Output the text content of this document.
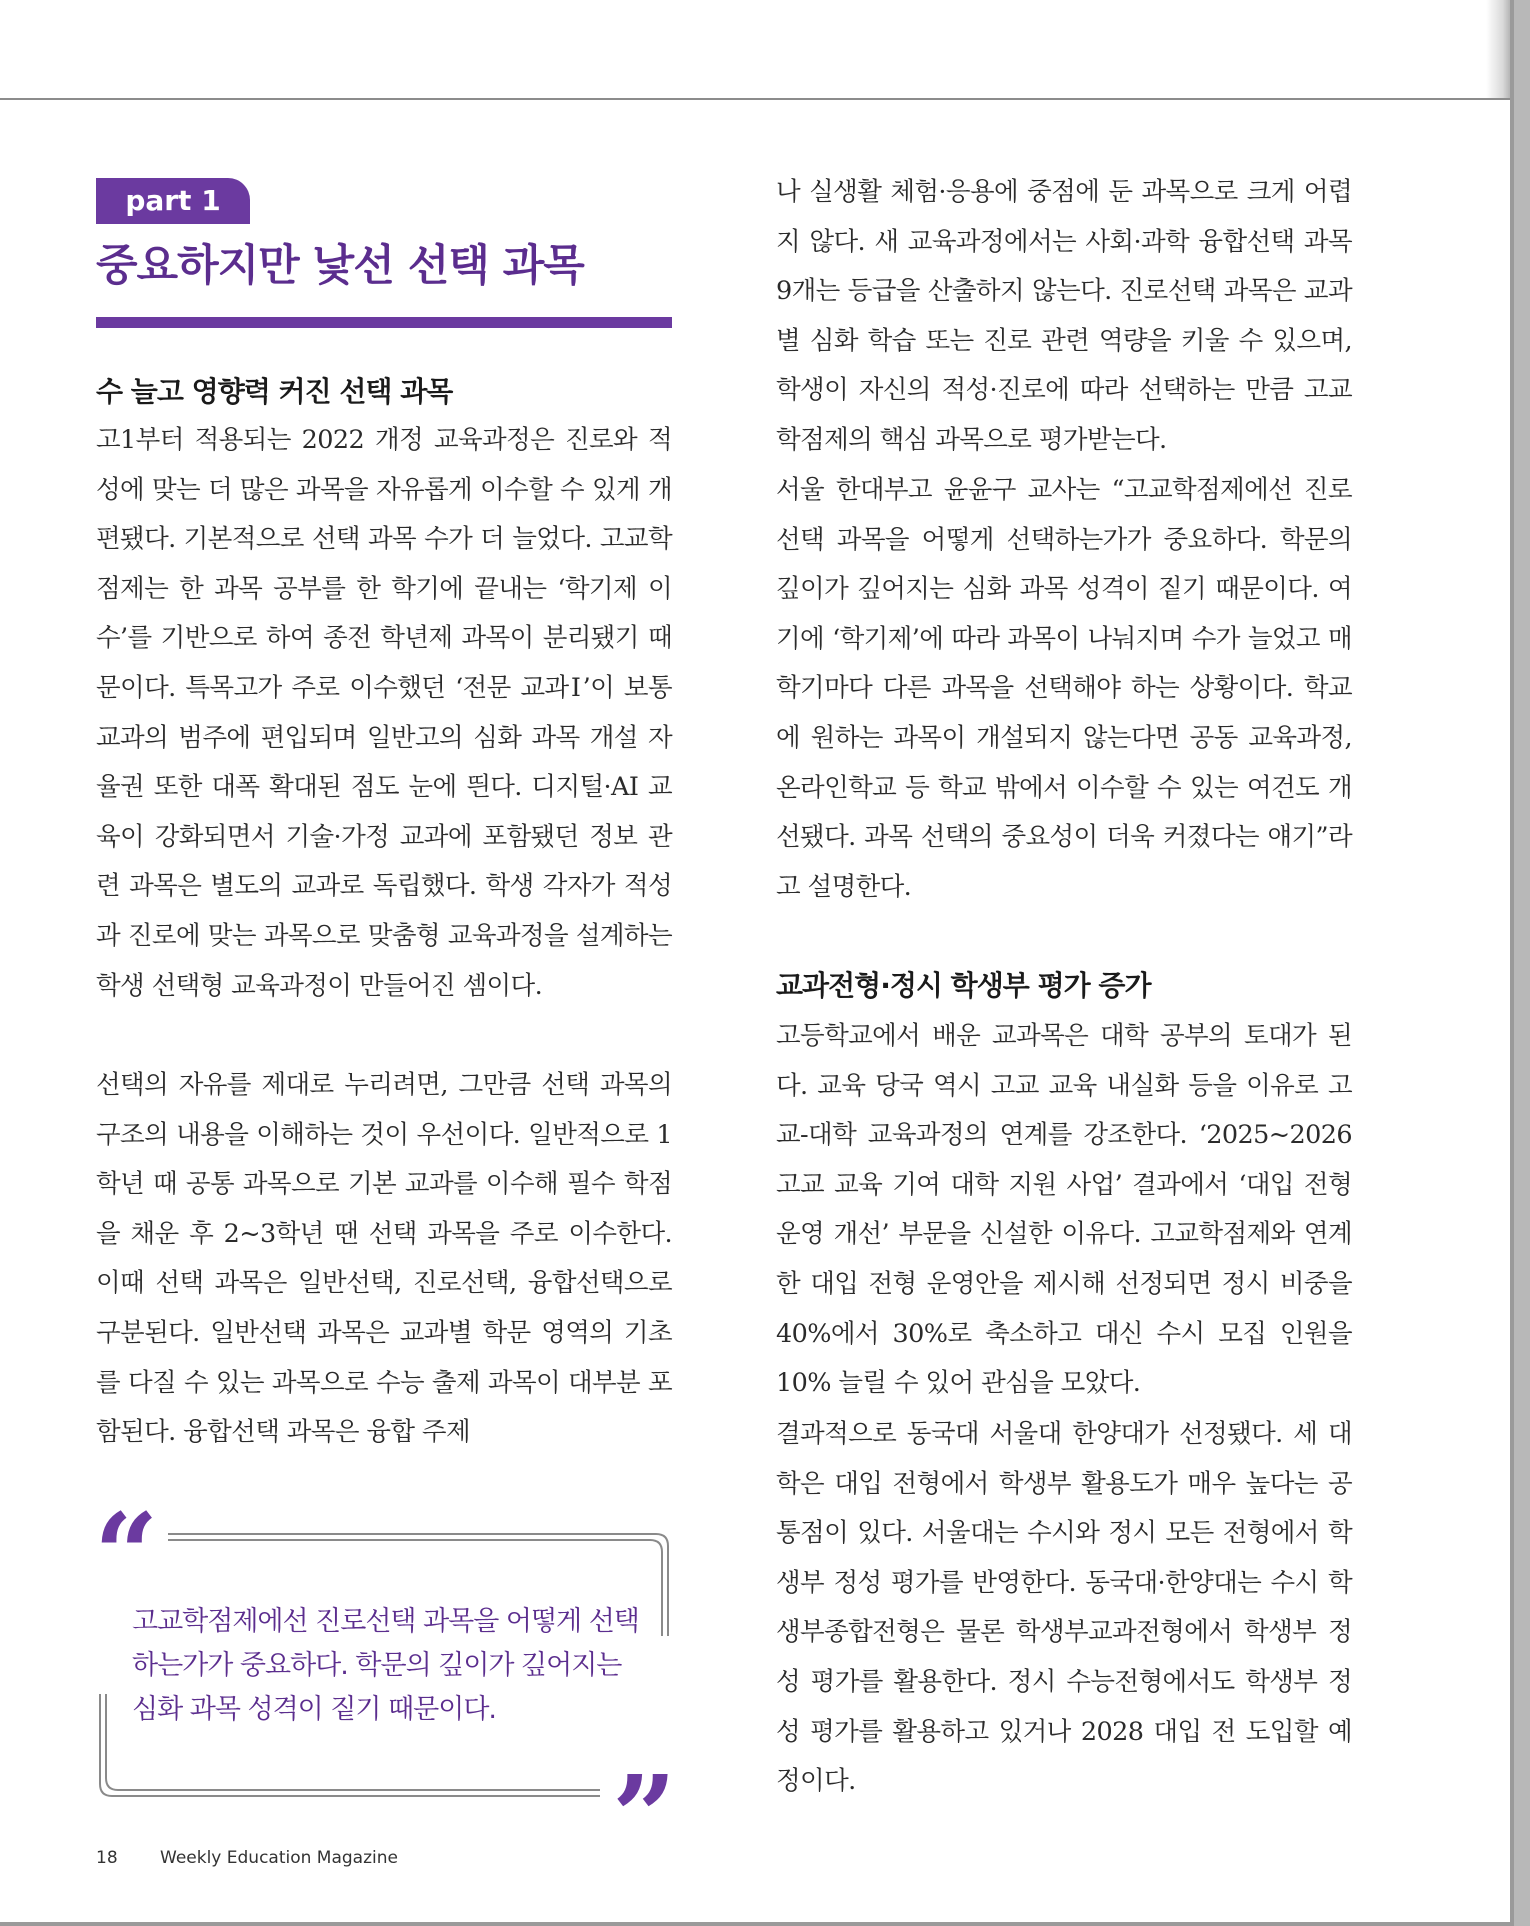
part 1
중요하지만 낯선 선택 과목
수 늘고 영향력 커진 선택 과목

고1부터 적용되는 2022 개정 교육과정은 진로와 적성에 맞는 더 많은 과목을 자유롭게 이수할 수 있게 개편됐다. 기본적으로 선택 과목 수가 더 늘었다. 고교학점제는 한 과목 공부를 한 학기에 끝내는 ‘학기제 이수’를 기반으로 하여 종전 학년제 과목이 분리됐기 때문이다. 특목고가 주로 이수했던 ‘전문 교과Ⅰ’이 보통 교과의 범주에 편입되며 일반고의 심화 과목 개설 자율권 또한 대폭 확대된 점도 눈에 띈다. 디지털·AI 교육이 강화되면서 기술·가정 교과에 포함됐던 정보 관련 과목은 별도의 교과로 독립했다. 학생 각자가 적성과 진로에 맞는 과목으로 맞춤형 교육과정을 설계하는 학생 선택형 교육과정이 만들어진 셈이다.

선택의 자유를 제대로 누리려면, 그만큼 선택 과목의 구조의 내용을 이해하는 것이 우선이다. 일반적으로 1학년 때 공통 과목으로 기본 교과를 이수해 필수 학점을 채운 후 2~3학년 땐 선택 과목을 주로 이수한다. 이때 선택 과목은 일반선택, 진로선택, 융합선택으로 구분된다. 일반선택 과목은 교과별 학문 영역의 기초를 다질 수 있는 과목으로 수능 출제 과목이 대부분 포함된다. 융합선택 과목은 융합 주제

“

고교학점제에선 진로선택 과목을 어떻게 선택하는가가 중요하다. 학문의 깊이가 깊어지는 심화 과목 성격이 짙기 때문이다.

”

나 실생활 체험·응용에 중점에 둔 과목으로 크게 어렵지 않다. 새 교육과정에서는 사회·과학 융합선택 과목 9개는 등급을 산출하지 않는다. 진로선택 과목은 교과별 심화 학습 또는 진로 관련 역량을 키울 수 있으며, 학생이 자신의 적성·진로에 따라 선택하는 만큼 고교학점제의 핵심 과목으로 평가받는다.

서울 한대부고 윤윤구 교사는 “고교학점제에선 진로선택 과목을 어떻게 선택하는가가 중요하다. 학문의 깊이가 깊어지는 심화 과목 성격이 짙기 때문이다. 여기에 ‘학기제’에 따라 과목이 나눠지며 수가 늘었고 매 학기마다 다른 과목을 선택해야 하는 상황이다. 학교에 원하는 과목이 개설되지 않는다면 공동 교육과정, 온라인학교 등 학교 밖에서 이수할 수 있는 여건도 개선됐다. 과목 선택의 중요성이 더욱 커졌다는 얘기”라고 설명한다.

교과전형·정시 학생부 평가 증가

고등학교에서 배운 교과목은 대학 공부의 토대가 된다. 교육 당국 역시 고교 교육 내실화 등을 이유로 고교-대학 교육과정의 연계를 강조한다. ‘2025~2026 고교 교육 기여 대학 지원 사업’ 결과에서 ‘대입 전형 운영 개선’ 부문을 신설한 이유다. 고교학점제와 연계한 대입 전형 운영안을 제시해 선정되면 정시 비중을 40%에서 30%로 축소하고 대신 수시 모집 인원을 10% 늘릴 수 있어 관심을 모았다.

결과적으로 동국대 서울대 한양대가 선정됐다. 세 대학은 대입 전형에서 학생부 활용도가 매우 높다는 공통점이 있다. 서울대는 수시와 정시 모든 전형에서 학생부 정성 평가를 반영한다. 동국대·한양대는 수시 학생부종합전형은 물론 학생부교과전형에서 학생부 정성 평가를 활용한다. 정시 수능전형에서도 학생부 정성 평가를 활용하고 있거나 2028 대입 전 도입할 예정이다.

18 Weekly Education Magazine
